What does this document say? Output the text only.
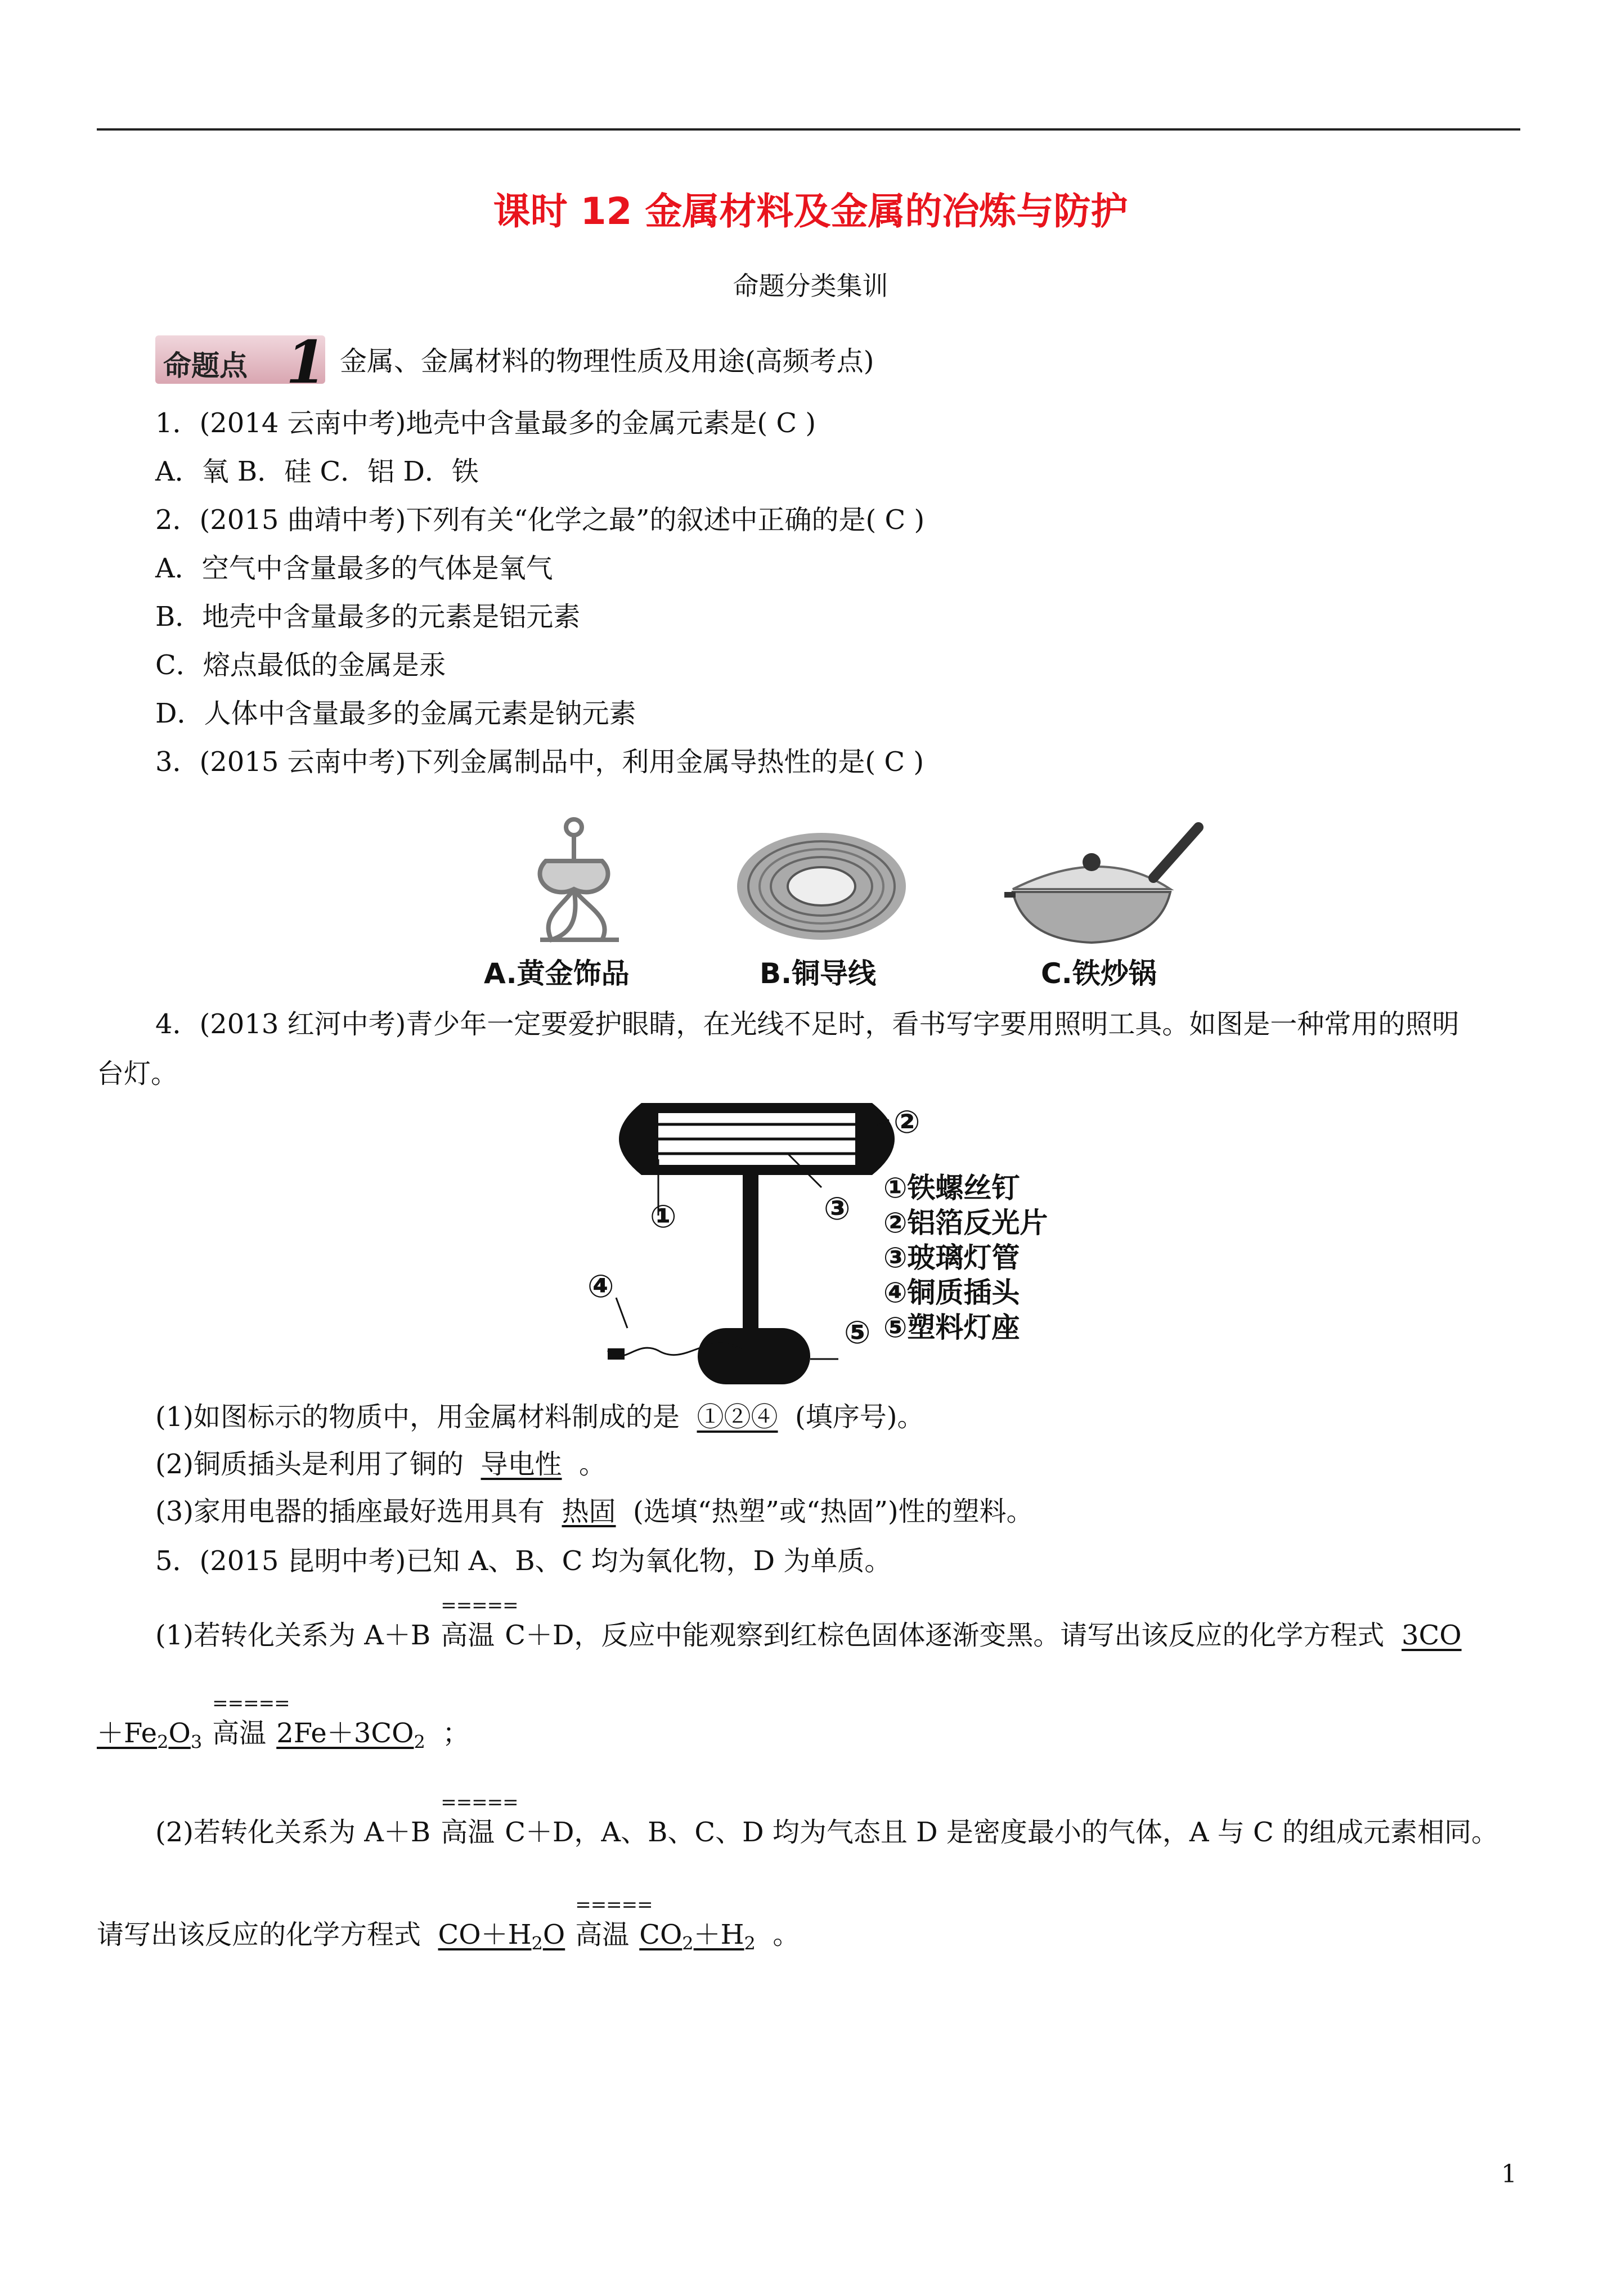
课时 12 金属材料及金属的冶炼与防护
命题分类集训
命题点 1 金属、金属材料的物理性质及用途(高频考点)
1．(2014 云南中考)地壳中含量最多的金属元素是( C )
A．氧 B．硅 C．铝 D．铁
2．(2015 曲靖中考)下列有关“化学之最”的叙述中正确的是( C )
A．空气中含量最多的气体是氧气
B．地壳中含量最多的元素是铝元素
C．熔点最低的金属是汞
D．人体中含量最多的金属元素是钠元素
3．(2015 云南中考)下列金属制品中，利用金属导热性的是( C )
A.黄金饰品	B.铜导线	C.铁炒锅
4．(2013 红河中考)青少年一定要爱护眼睛，在光线不足时，看书写字要用照明工具。如图是一种常用的照明
台灯。
①
②
③
④
⑤
①铁螺丝钉
②铝箔反光片
③玻璃灯管
④铜质插头
⑤塑料灯座
(1)如图标示的物质中，用金属材料制成的是 ①②④ (填序号)。
(2)铜质插头是利用了铜的 导电性 。
(3)家用电器的插座最好选用具有 热固 (选填“热塑”或“热固”)性的塑料。
5．(2015 昆明中考)已知 A、B、C 均为氧化物，D 为单质。
(1)若转化关系为 A＋B
=====
高温 C＋D，反应中能观察到红棕色固体逐渐变黑。请写出该反应的化学方程式 3CO
$+Fe_2O_3$
=====
高温 $2Fe+3CO_2$ ；
(2)若转化关系为 A＋B
=====
高温 C＋D，A、B、C、D 均为气态且 D 是密度最小的气体，A 与 C 的组成元素相同。
请写出该反应的化学方程式 $CO+H_2O$
=====
高温 $CO_2+H_2$ 。
1
